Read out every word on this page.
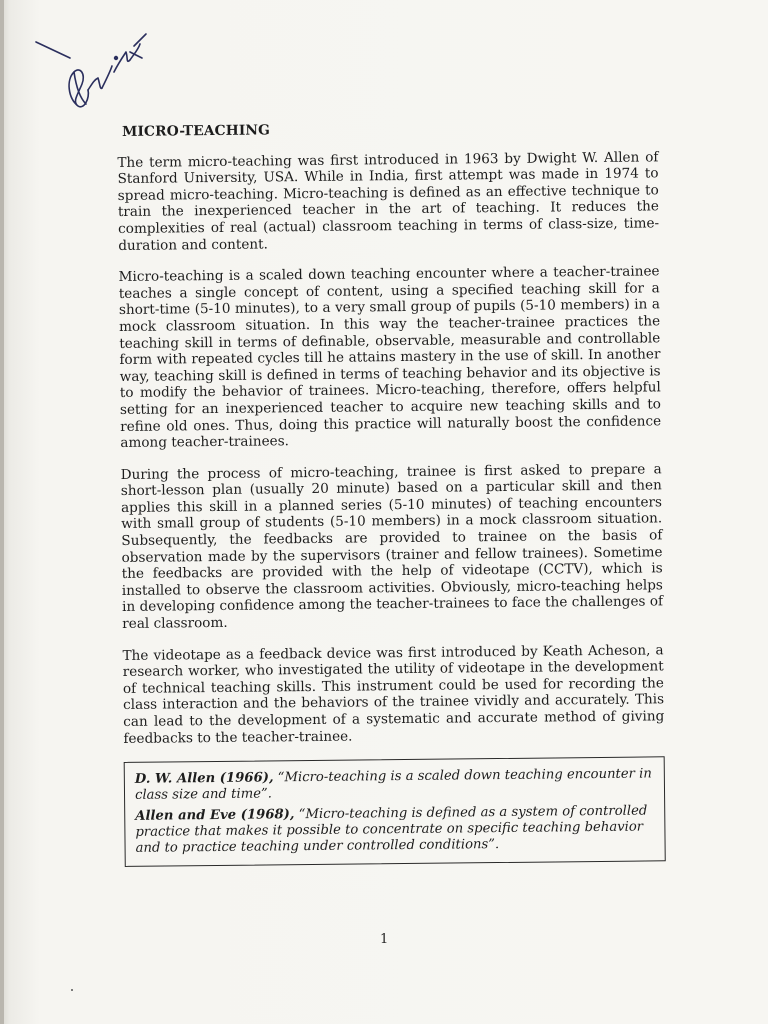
MICRO-TEACHING

The term micro-teaching was first introduced in 1963 by Dwight W. Allen of Stanford University, USA. While in India, first attempt was made in 1974 to spread micro-teaching. Micro-teaching is defined as an effective technique to train the inexperienced teacher in the art of teaching. It reduces the complexities of real (actual) classroom teaching in terms of class-size, time-duration and content.

Micro-teaching is a scaled down teaching encounter where a teacher-trainee teaches a single concept of content, using a specified teaching skill for a short-time (5-10 minutes), to a very small group of pupils (5-10 members) in a mock classroom situation. In this way the teacher-trainee practices the teaching skill in terms of definable, observable, measurable and controllable form with repeated cycles till he attains mastery in the use of skill. In another way, teaching skill is defined in terms of teaching behavior and its objective is to modify the behavior of trainees. Micro-teaching, therefore, offers helpful setting for an inexperienced teacher to acquire new teaching skills and to refine old ones. Thus, doing this practice will naturally boost the confidence among teacher-trainees.

During the process of micro-teaching, trainee is first asked to prepare a short-lesson plan (usually 20 minute) based on a particular skill and then applies this skill in a planned series (5-10 minutes) of teaching encounters with small group of students (5-10 members) in a mock classroom situation. Subsequently, the feedbacks are provided to trainee on the basis of observation made by the supervisors (trainer and fellow trainees). Sometime the feedbacks are provided with the help of videotape (CCTV), which is installed to observe the classroom activities. Obviously, micro-teaching helps in developing confidence among the teacher-trainees to face the challenges of real classroom.

The videotape as a feedback device was first introduced by Keath Acheson, a research worker, who investigated the utility of videotape in the development of technical teaching skills. This instrument could be used for recording the class interaction and the behaviors of the trainee vividly and accurately. This can lead to the development of a systematic and accurate method of giving feedbacks to the teacher-trainee.

D. W. Allen (1966), “Micro-teaching is a scaled down teaching encounter in class size and time”.

Allen and Eve (1968), “Micro-teaching is defined as a system of controlled practice that makes it possible to concentrate on specific teaching behavior and to practice teaching under controlled conditions”.

1
